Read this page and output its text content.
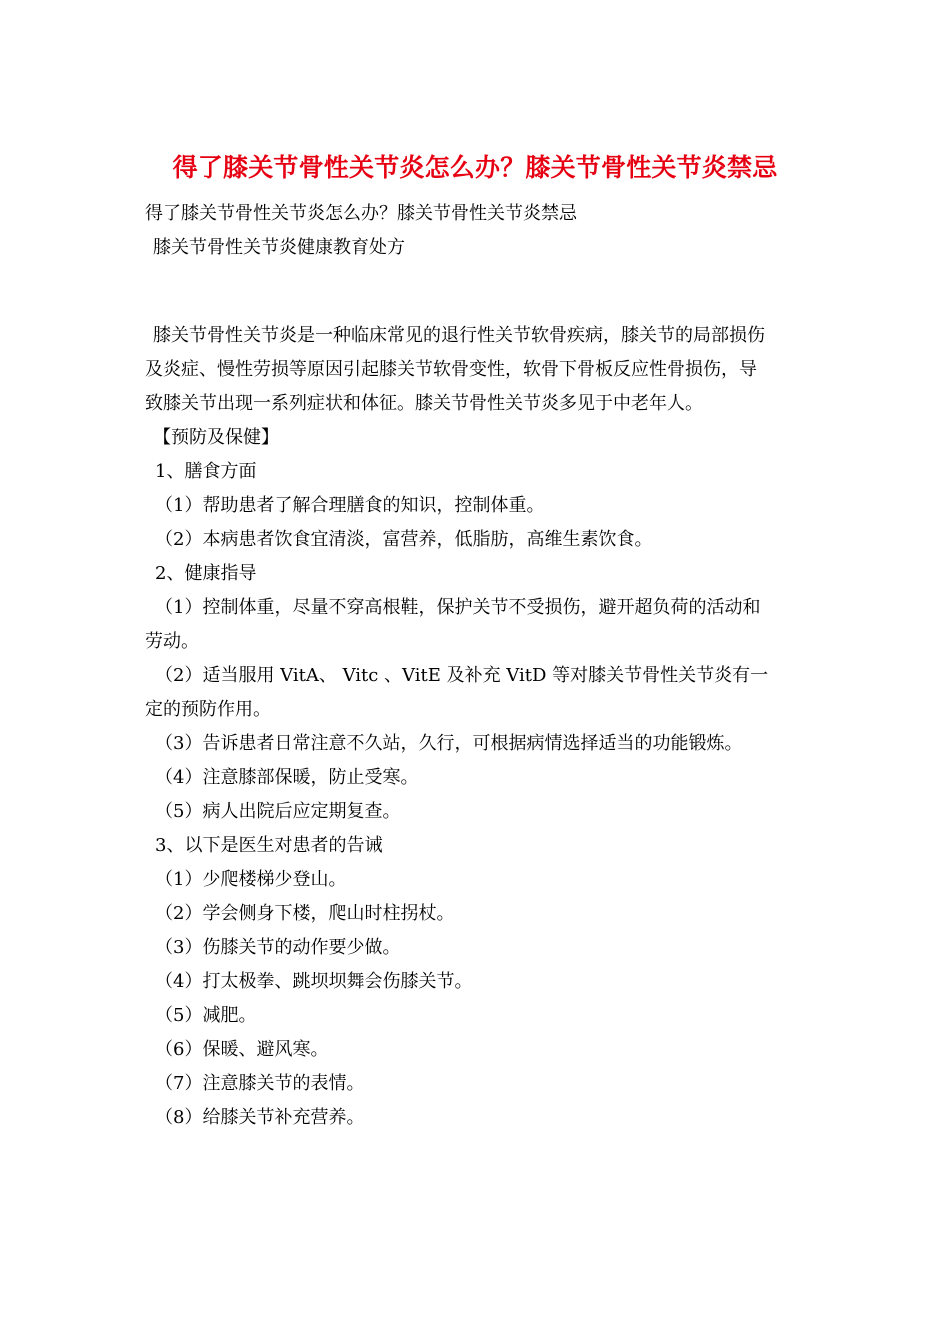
得了膝关节骨性关节炎怎么办？膝关节骨性关节炎禁忌

得了膝关节骨性关节炎怎么办？膝关节骨性关节炎禁忌

膝关节骨性关节炎健康教育处方

膝关节骨性关节炎是一种临床常见的退行性关节软骨疾病，膝关节的局部损伤

及炎症、慢性劳损等原因引起膝关节软骨变性，软骨下骨板反应性骨损伤，导

致膝关节出现一系列症状和体征。膝关节骨性关节炎多见于中老年人。

【预防及保健】

1、膳食方面

（1）帮助患者了解合理膳食的知识，控制体重。

（2）本病患者饮食宜清淡，富营养，低脂肪，高维生素饮食。

2、健康指导

（1）控制体重，尽量不穿高根鞋，保护关节不受损伤，避开超负荷的活动和

劳动。

（2）适当服用 VitA、 Vitc 、VitE 及补充 VitD 等对膝关节骨性关节炎有一

定的预防作用。

（3）告诉患者日常注意不久站，久行，可根据病情选择适当的功能锻炼。

（4）注意膝部保暖，防止受寒。

（5）病人出院后应定期复查。

3、以下是医生对患者的告诫

（1）少爬楼梯少登山。

（2）学会侧身下楼，爬山时柱拐杖。

（3）伤膝关节的动作要少做。

（4）打太极拳、跳坝坝舞会伤膝关节。

（5）减肥。

（6）保暖、避风寒。

（7）注意膝关节的表情。

（8）给膝关节补充营养。
